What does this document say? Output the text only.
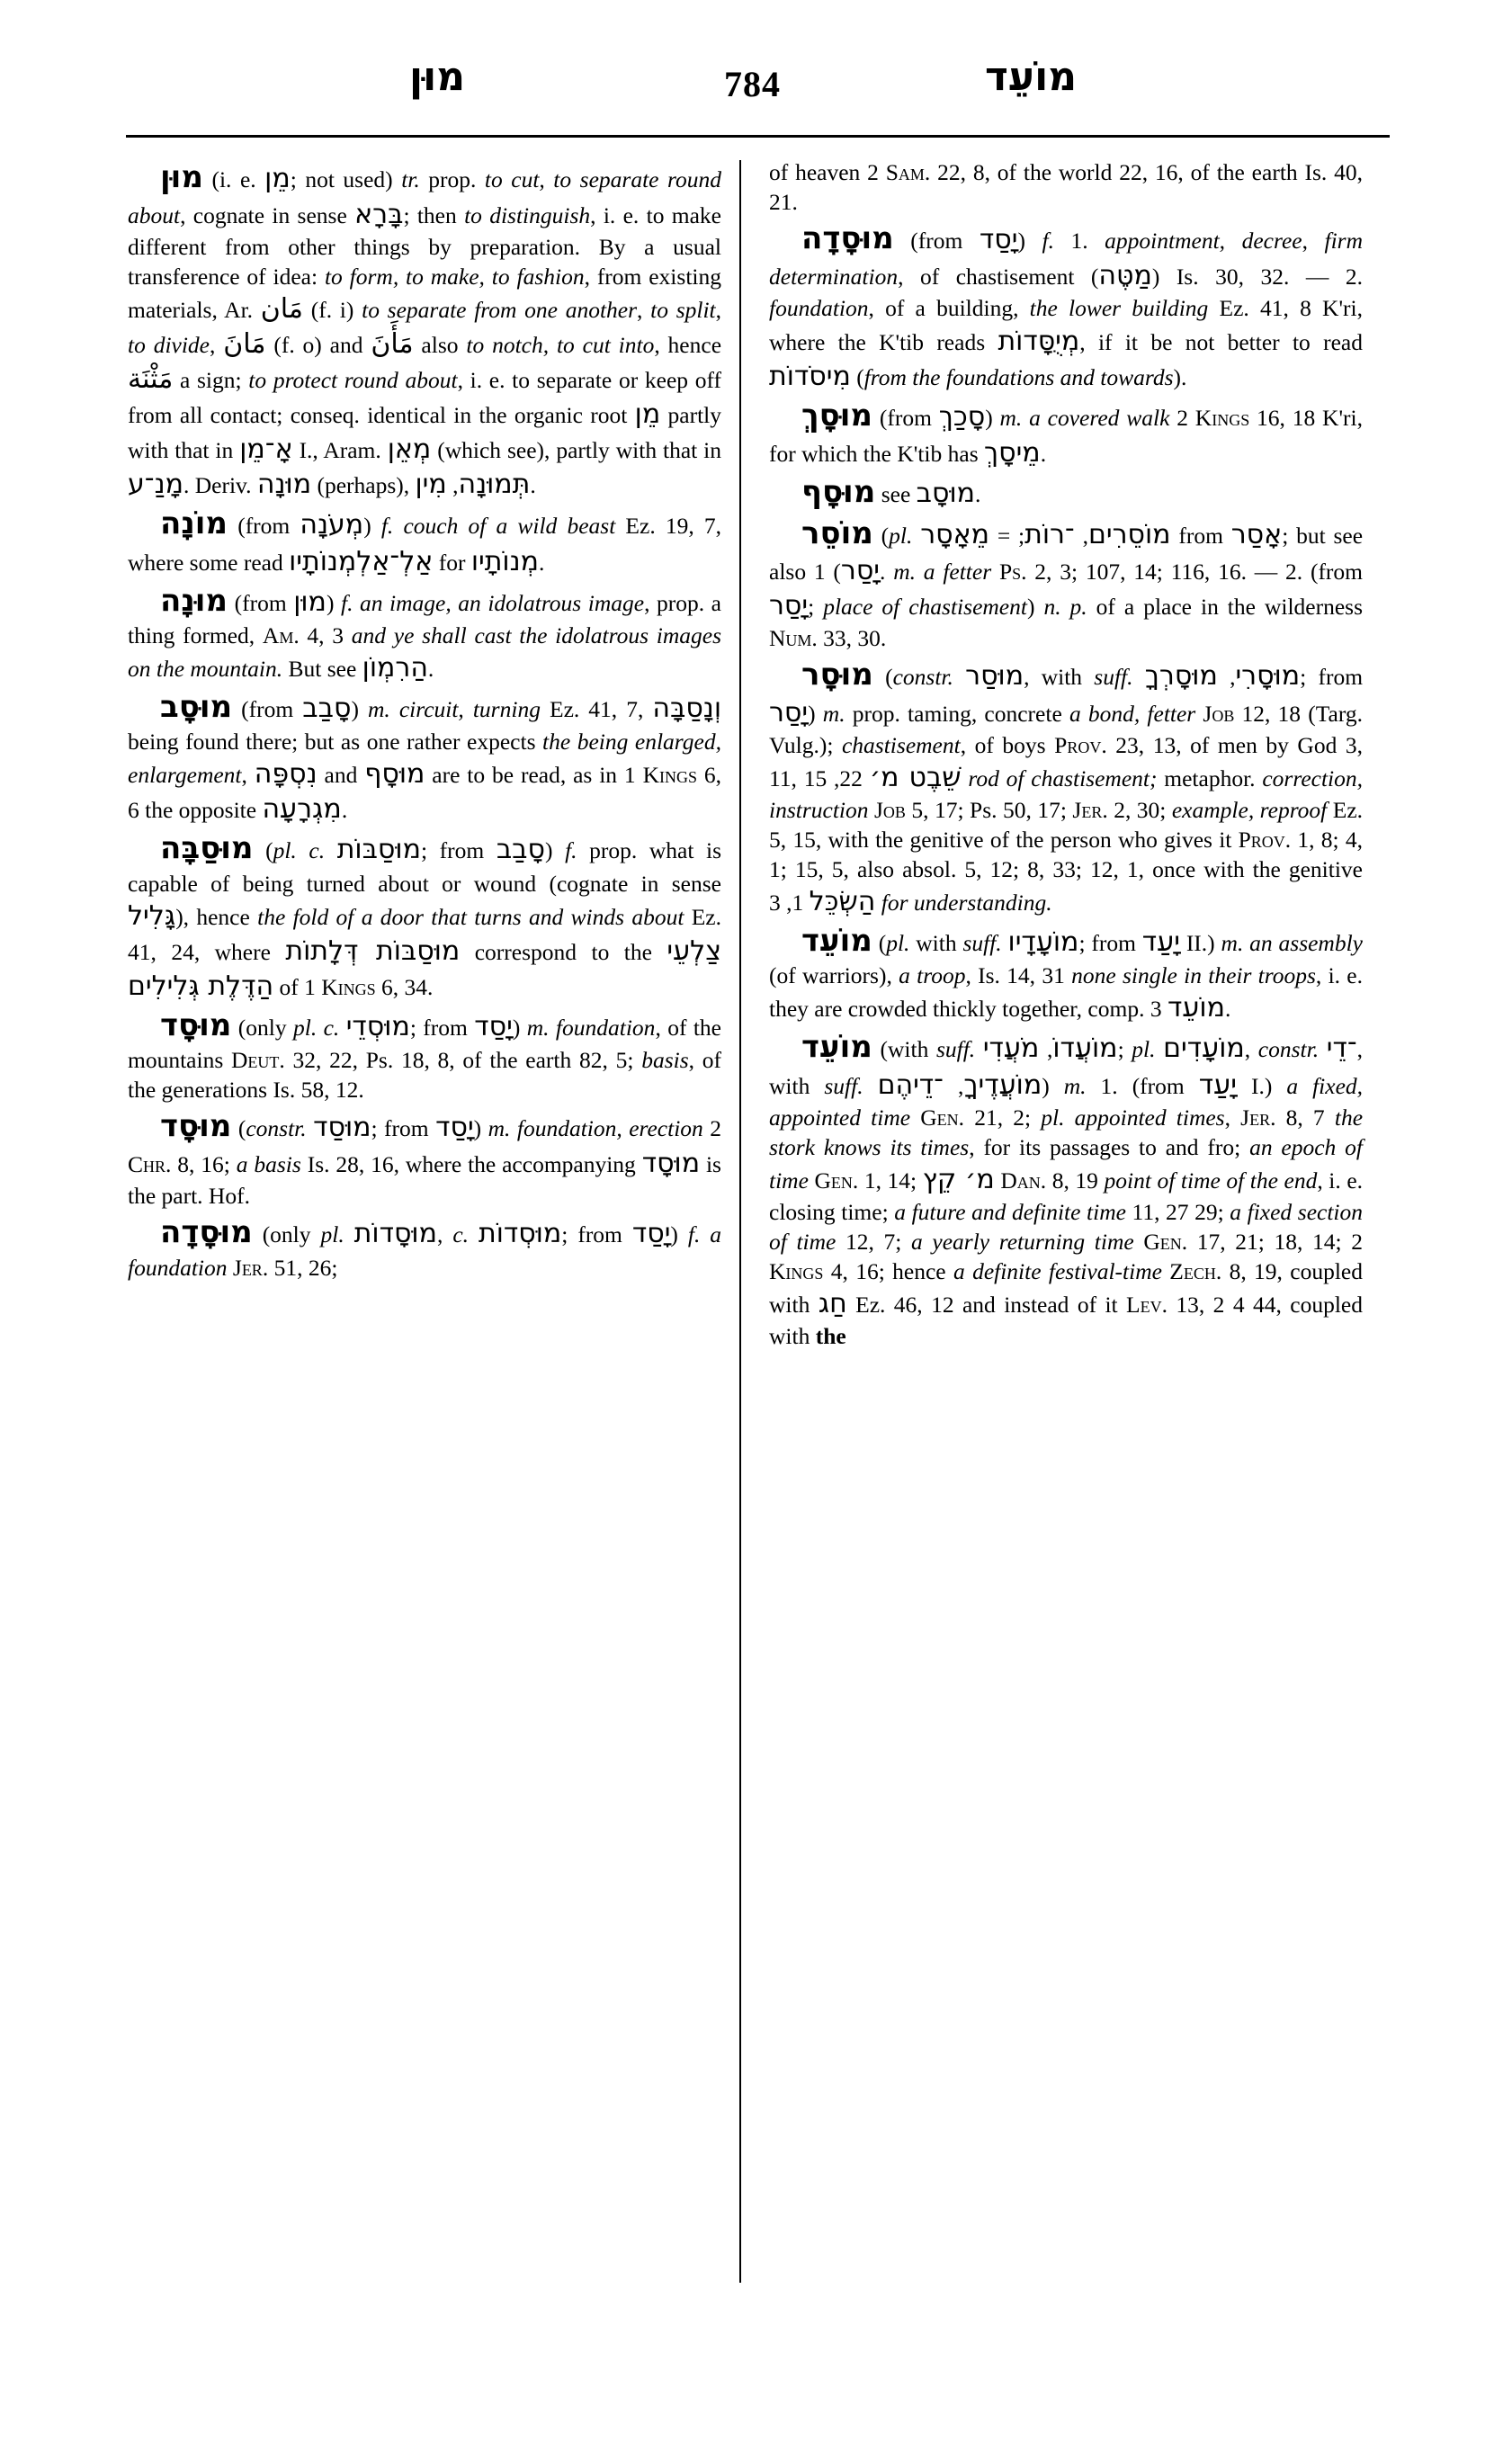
מוּן	784	מוֹעֵד

מוּן (i. e. מֵן; not used) tr. prop. to cut, to separate round about, cognate in sense בָּרָא; then to distinguish, i. e. to make different from other things by preparation. By a usual transference of idea: to form, to make, to fashion, from existing materials, Ar. مَان (f. i) to separate from one another, to split, to divide, مَانَ (f. o) and مَأَنَ also to notch, to cut into, hence مَثْنَة a sign; to protect round about, i. e. to separate or keep off from all contact; conseq. identical in the organic root מֵן partly with that in אָ־מֵן I., Aram. מְאֵן (which see), partly with that in מָנַ־ע. Deriv. מוּנָה (perhaps), תְּמוּנָה, מִין	.

מוֹנָה (from מְעֹנָה) f. couch of a wild beast Ez. 19, 7, where some read אַלְ־אַלְמְנוֹתָיו for מְנוֹתָיו.

מוּנָה (from מוּן) f. an image, an idolatrous image, prop. a thing formed, Am. 4, 3 and ye shall cast the idolatrous images on the mountain. But see הַרִמְוֹן.

מוּסָב (from סָבַב) m. circuit, turning Ez. 41, 7, וְנָסַבָּה being found there; but as one rather expects the being enlarged, enlargement, נִסְפָּה and מוּסָף are to be read, as in 1 Kings 6, 6 the opposite מִגְרָעָה.

מוּסַבָּה (pl. c. מוּסַבּוֹת; from סָבַב) f. prop. what is capable of being turned about or wound (cognate in sense גָּלִיל), hence the fold of a door that turns and winds about Ez. 41, 24, where מוּסַבּוֹת דְּלָתוֹת correspond to the צַלְעֵי הַדֶּלֶת גְּלִילִים of 1 Kings 6, 34.

מוּסָד (only pl. c. מוּסְדֵי; from יָסַד) m. foundation, of the mountains Deut. 32, 22, Ps. 18, 8, of the earth 82, 5; basis, of the generations Is. 58, 12.

מוּסָד (constr. מוּסַד; from יָסַד) m. foundation, erection 2 Chr. 8, 16; a basis Is. 28, 16, where the accompanying מוּסָד is the part. Hof.

מוּסָדָה (only pl. מוּסָדוֹת, c. מוּסְדוֹת; from יָסַד) f. a foundation Jer. 51, 26;

of heaven 2 Sam. 22, 8, of the world 22, 16, of the earth Is. 40, 21.

מוּסָדָה (from יָסַד) f. 1. appointment, decree, firm determination, of chastisement (מַטֶּה) Is. 30, 32. — 2. foundation, of a building, the lower building Ez. 41, 8 K'ri, where the K'tib reads מְיֻסָּדוֹת, if it be not better to read מִיסֹדוֹת (from the foundations and towards).

מוּסָךְ (from סָכַךְ) m. a covered walk 2 Kings 16, 18 K'ri, for which the K'tib has מֵיסָךְ.

מוּסָף see מוּסָב.

מוֹסֵר (pl.	מוֹסֵרִים, ־רוֹת; = מֵאָסָר	from אָסַר; but see also יָסַר) 1. m. a fetter Ps. 2, 3; 107, 14; 116, 16. — 2. (from יָסַר; place of chastisement) n. p. of a place in the wilderness Num. 33, 30.

מוּסָר (constr. מוּסַר, with suff.	מוּסָרִי, מוּסָרְךָ	; from יָסַר) m. prop. taming, concrete a bond, fetter Job 12, 18 (Targ. Vulg.); chastisement, of boys Prov. 23, 13, of men by God 3, 11, שֵׁבֶט מ׳ 22, 15 rod of chastisement; metaphor. correction, instruction Job 5, 17; Ps. 50, 17; Jer. 2, 30; example, reproof Ez. 5, 15, with the genitive of the person who gives it Prov. 1, 8; 4, 1; 15, 5, also absol. 5, 12; 8, 33; 12, 1, once with the genitive הַשְׂכֵּל 1, 3 for understanding.

מוֹעֵד (pl. with suff. מוֹעָדָיו; from יָעַד II.) m. an assembly (of warriors), a troop, Is. 14, 31 none single in their troops, i. e. they are crowded thickly together, comp. מוֹעֵד 3.

מוֹעֵד (with suff.	מוֹעֲדוֹ, מֹעֲדִי	; pl. מוֹעָדִים, constr. ־דֵי, with suff.	מוֹעֲדֶיךָ, ־דֵיהֶם	) m. 1. (from יָעַד I.) a fixed, appointed time Gen. 21, 2; pl. appointed times, Jer. 8, 7 the stork knows its times, for its passages to and fro; an epoch of time Gen. 1, 14; מ׳ קֵץ Dan. 8, 19 point of time of the end, i. e. closing time; a future and definite time 11, 27 29; a fixed section of time 12, 7; a yearly returning time Gen. 17, 21; 18, 14; 2 Kings 4, 16; hence a definite festival-time Zech. 8, 19, coupled with חַג Ez. 46, 12 and instead of it Lev. 13, 2 4 44, coupled with the
